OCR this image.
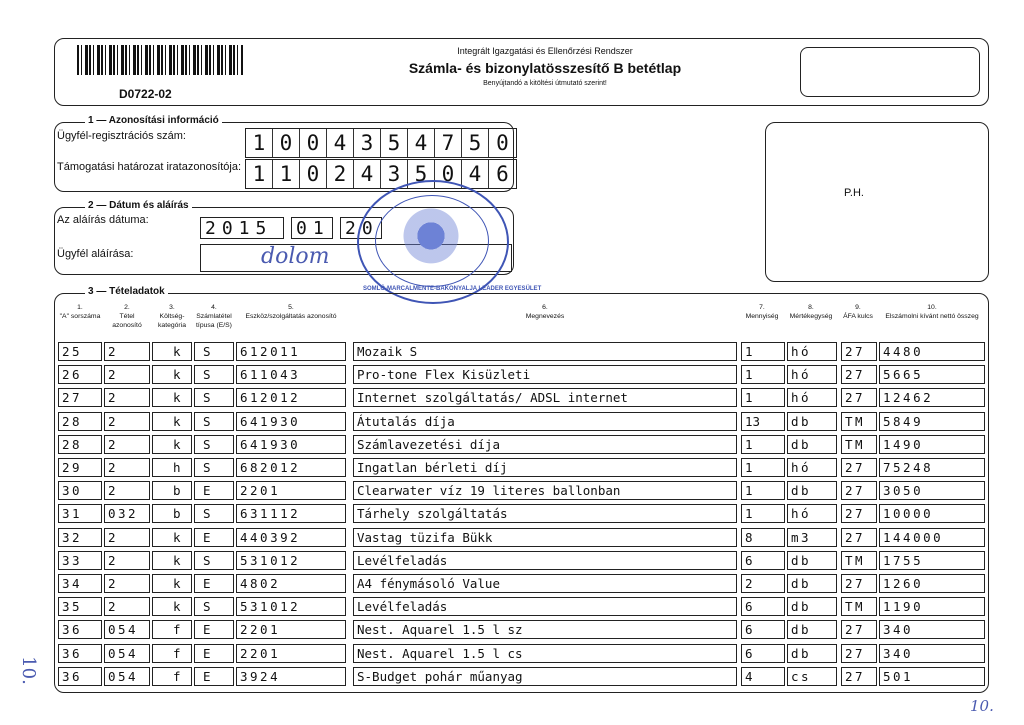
D0722-02
Integrált Igazgatási és Ellenőrzési Rendszer
Számla- és bizonylatösszesítő B betétlap
Benyújtandó a kitöltési útmutató szerint!
1 — Azonosítási információ
Ügyfél-regisztrációs szám:	1 0 0 4 3 5 4 7 5 0
Támogatási határozat iratazonosítója: 1 1 0 2 4 3 5 0 4 6
2 — Dátum és aláírás
Az aláírás dátuma:	2015	01 20
Ügyfél aláírása:	dolom
SOMLÓ-MARCALMENTE-BAKONYALJA LEADER EGYESÜLET
P.H.
3 — Tételadatok
1.
"A" sorszáma
2.
Tétel azonosító
3.
Költség-kategória
4.
Számlatétel típusa (E/S)
5.
Eszköz/szolgáltatás azonosító
6.
Megnevezés
7.
Mennyiség
8.
Mértékegység
9.
ÁFA kulcs
10.
Elszámolni kívánt nettó összeg
25	2	k	S	612011	Mozaik S	1	hó	27	4480
26	2	k	S	611043	Pro-tone Flex Kisüzleti	1	hó	27	5665
27	2	k	S	612012	Internet szolgáltatás/ ADSL internet	1	hó	27	12462
28	2	k	S	641930	Átutalás díja	13	db	TM	5849
28	2	k	S	641930	Számlavezetési díja	1	db	TM	1490
29	2	h	S	682012	Ingatlan bérleti díj	1	hó	27	75248
30	2	b	E	2201	Clearwater víz 19 literes ballonban	1	db	27	3050
31	032	b	S	631112	Tárhely szolgáltatás	1	hó	27	10000
32	2	k	E	440392	Vastag tüzifa Bükk	8	m3	27	144000
33	2	k	S	531012	Levélfeladás	6	db	TM	1755
34	2	k	E	4802	A4 fénymásoló Value	2	db	27	1260
35	2	k	S	531012	Levélfeladás	6	db	TM	1190
36	054	f	E	2201	Nest. Aquarel 1.5 l sz	6	db	27	340
36	054	f	E	2201	Nest. Aquarel 1.5 l cs	6	db	27	340
36	054	f	E	3924	S-Budget pohár műanyag	4	cs	27	501
10.
10.
